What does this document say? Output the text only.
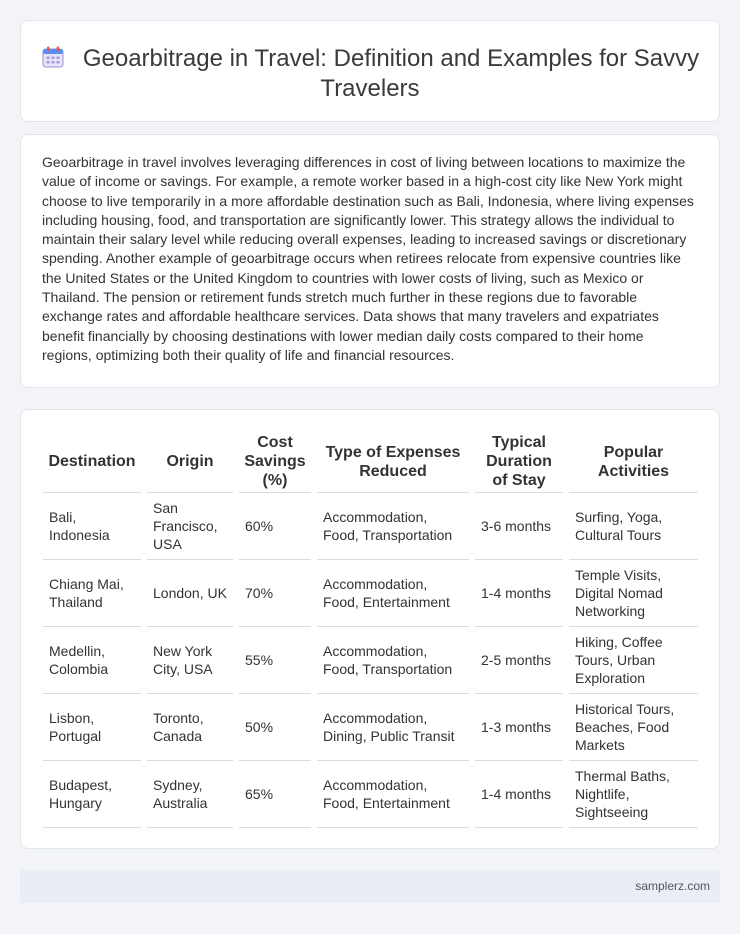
Geoarbitrage in Travel: Definition and Examples for Savvy Travelers

Geoarbitrage in travel involves leveraging differences in cost of living between locations to maximize the value of income or savings. For example, a remote worker based in a high-cost city like New York might choose to live temporarily in a more affordable destination such as Bali, Indonesia, where living expenses including housing, food, and transportation are significantly lower. This strategy allows the individual to maintain their salary level while reducing overall expenses, leading to increased savings or discretionary spending. Another example of geoarbitrage occurs when retirees relocate from expensive countries like the United States or the United Kingdom to countries with lower costs of living, such as Mexico or Thailand. The pension or retirement funds stretch much further in these regions due to favorable exchange rates and affordable healthcare services. Data shows that many travelers and expatriates benefit financially by choosing destinations with lower median daily costs compared to their home regions, optimizing both their quality of life and financial resources.

Destination	Origin	Cost Savings (%)	Type of Expenses Reduced	Typical Duration of Stay	Popular Activities
Bali, Indonesia	San Francisco, USA	60%	Accommodation, Food, Transportation	3-6 months	Surfing, Yoga, Cultural Tours
Chiang Mai, Thailand	London, UK	70%	Accommodation, Food, Entertainment	1-4 months	Temple Visits, Digital Nomad Networking
Medellin, Colombia	New York City, USA	55%	Accommodation, Food, Transportation	2-5 months	Hiking, Coffee Tours, Urban Exploration
Lisbon, Portugal	Toronto, Canada	50%	Accommodation, Dining, Public Transit	1-3 months	Historical Tours, Beaches, Food Markets
Budapest, Hungary	Sydney, Australia	65%	Accommodation, Food, Entertainment	1-4 months	Thermal Baths, Nightlife, Sightseeing
samplerz.com
